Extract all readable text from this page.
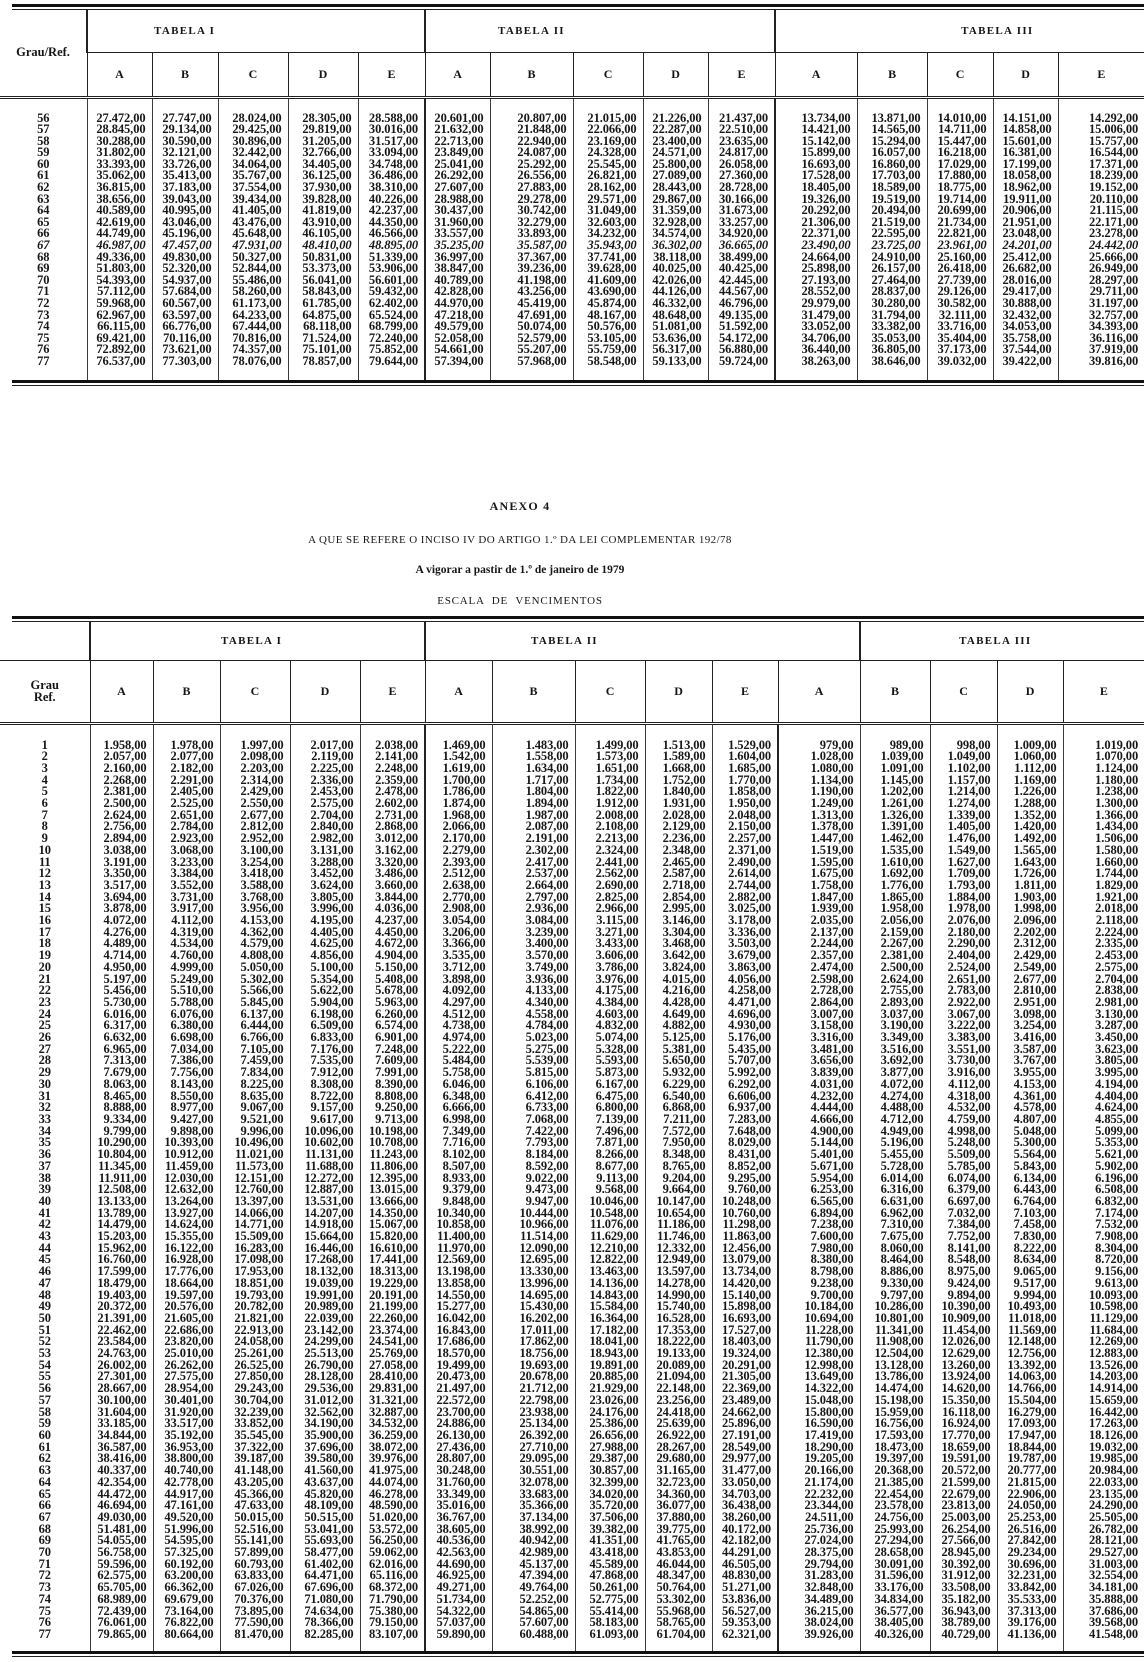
Grau/Ref.	TABELA I					TABELA II					TABELA III				
	A	B	C	D	E	A	B	C	D	E	A	B	C	D	E
56	27.472,00	27.747,00	28.024,00	28.305,00	28.588,00	20.601,00	20.807,00	21.015,00	21.226,00	21.437,00	13.734,00	13.871,00	14.010,00	14.151,00	14.292,00
57	28.845,00	29.134,00	29.425,00	29.819,00	30.016,00	21.632,00	21.848,00	22.066,00	22.287,00	22.510,00	14.421,00	14.565,00	14.711,00	14.858,00	15.006,00
58	30.288,00	30.590,00	30.896,00	31.205,00	31.517,00	22.713,00	22.940,00	23.169,00	23.400,00	23.635,00	15.142,00	15.294,00	15.447,00	15.601,00	15.757,00
59	31.802,00	32.121,00	32.442,00	32.766,00	33.094,00	23.849,00	24.087,00	24.328,00	24.571,00	24.817,00	15.899,00	16.057,00	16.218,00	16.381,00	16.544,00
60	33.393,00	33.726,00	34.064,00	34.405,00	34.748,00	25.041,00	25.292,00	25.545,00	25.800,00	26.058,00	16.693,00	16.860,00	17.029,00	17.199,00	17.371,00
61	35.062,00	35.413,00	35.767,00	36.125,00	36.486,00	26.292,00	26.556,00	26.821,00	27.089,00	27.360,00	17.528,00	17.703,00	17.880,00	18.058,00	18.239,00
62	36.815,00	37.183,00	37.554,00	37.930,00	38.310,00	27.607,00	27.883,00	28.162,00	28.443,00	28.728,00	18.405,00	18.589,00	18.775,00	18.962,00	19.152,00
63	38.656,00	39.043,00	39.434,00	39.828,00	40.226,00	28.988,00	29.278,00	29.571,00	29.867,00	30.166,00	19.326,00	19.519,00	19.714,00	19.911,00	20.110,00
64	40.589,00	40.995,00	41.405,00	41.819,00	42.237,00	30.437,00	30.742,00	31.049,00	31.359,00	31.673,00	20.292,00	20.494,00	20.699,00	20.906,00	21.115,00
65	42.619,00	43.046,00	43.476,00	43.910,00	44.350,00	31.960,00	32.279,00	32.603,00	32.928,00	33.257,00	21.306,00	21.519,00	21.734,00	21.951,00	22.171,00
66	44.749,00	45.196,00	45.648,00	46.105,00	46.566,00	33.557,00	33.893,00	34.232,00	34.574,00	34.920,00	22.371,00	22.595,00	22.821,00	23.048,00	23.278,00
67	46.987,00	47.457,00	47.931,00	48.410,00	48.895,00	35.235,00	35.587,00	35.943,00	36.302,00	36.665,00	23.490,00	23.725,00	23.961,00	24.201,00	24.442,00
68	49.336,00	49.830,00	50.327,00	50.831,00	51.339,00	36.997,00	37.367,00	37.741,00	38.118,00	38.499,00	24.664,00	24.910,00	25.160,00	25.412,00	25.666,00
69	51.803,00	52.320,00	52.844,00	53.373,00	53.906,00	38.847,00	39.236,00	39.628,00	40.025,00	40.425,00	25.898,00	26.157,00	26.418,00	26.682,00	26.949,00
70	54.393,00	54.937,00	55.486,00	56.041,00	56.601,00	40.789,00	41.198,00	41.609,00	42.026,00	42.445,00	27.193,00	27.464,00	27.739,00	28.016,00	28.297,00
71	57.112,00	57.684,00	58.260,00	58.843,00	59.432,00	42.828,00	43.256,00	43.690,00	44.126,00	44.567,00	28.552,00	28.837,00	29.126,00	29.417,00	29.711,00
72	59.968,00	60.567,00	61.173,00	61.785,00	62.402,00	44.970,00	45.419,00	45.874,00	46.332,00	46.796,00	29.979,00	30.280,00	30.582,00	30.888,00	31.197,00
73	62.967,00	63.597,00	64.233,00	64.875,00	65.524,00	47.218,00	47.691,00	48.167,00	48.648,00	49.135,00	31.479,00	31.794,00	32.111,00	32.432,00	32.757,00
74	66.115,00	66.776,00	67.444,00	68.118,00	68.799,00	49.579,00	50.074,00	50.576,00	51.081,00	51.592,00	33.052,00	33.382,00	33.716,00	34.053,00	34.393,00
75	69.421,00	70.116,00	70.816,00	71.524,00	72.240,00	52.058,00	52.579,00	53.105,00	53.636,00	54.172,00	34.706,00	35.053,00	35.404,00	35.758,00	36.116,00
76	72.892,00	73.621,00	74.357,00	75.101,00	75.852,00	54.661,00	55.207,00	55.759,00	56.317,00	56.880,00	36.440,00	36.805,00	37.173,00	37.544,00	37.919,00
77	76.537,00	77.303,00	78.076,00	78.857,00	79.644,00	57.394,00	57.968,00	58.548,00	59.133,00	59.724,00	38.263,00	38.646,00	39.032,00	39.422,00	39.816,00
ANEXO 4
A QUE SE REFERE O INCISO IV DO ARTIGO 1.º DA LEI COMPLEMENTAR 192/78
A vigorar a pastir de 1.º de janeiro de 1979
ESCALA DE VENCIMENTOS
	TABELA I					TABELA II						TABELA III			
Grau
Ref.	A	B	C	D	E	A	B	C	D	E	A	B	C	D	E
1	1.958,00	1.978,00	1.997,00	2.017,00	2.038,00	1.469,00	1.483,00	1.499,00	1.513,00	1.529,00	979,00	989,00	998,00	1.009,00	1.019,00
2	2.057,00	2.077,00	2.098,00	2.119,00	2.141,00	1.542,00	1.558,00	1.573,00	1.589,00	1.604,00	1.028,00	1.039,00	1.049,00	1.060,00	1.070,00
3	2.160,00	2.182,00	2.203,00	2.225,00	2.248,00	1.619,00	1.634,00	1.651,00	1.668,00	1.685,00	1.080,00	1.091,00	1.102,00	1.112,00	1.124,00
4	2.268,00	2.291,00	2.314,00	2.336,00	2.359,00	1.700,00	1.717,00	1.734,00	1.752,00	1.770,00	1.134,00	1.145,00	1.157,00	1.169,00	1.180,00
5	2.381,00	2.405,00	2.429,00	2.453,00	2.478,00	1.786,00	1.804,00	1.822,00	1.840,00	1.858,00	1.190,00	1.202,00	1.214,00	1.226,00	1.238,00
6	2.500,00	2.525,00	2.550,00	2.575,00	2.602,00	1.874,00	1.894,00	1.912,00	1.931,00	1.950,00	1.249,00	1.261,00	1.274,00	1.288,00	1.300,00
7	2.624,00	2.651,00	2.677,00	2.704,00	2.731,00	1.968,00	1.987,00	2.008,00	2.028,00	2.048,00	1.313,00	1.326,00	1.339,00	1.352,00	1.366,00
8	2.756,00	2.784,00	2.812,00	2.840,00	2.868,00	2.066,00	2.087,00	2.108,00	2.129,00	2.150,00	1.378,00	1.391,00	1.405,00	1.420,00	1.434,00
9	2.894,00	2.923,00	2.952,00	2.982,00	3.012,00	2.170,00	2.191,00	2.213,00	2.236,00	2.257,00	1.447,00	1.462,00	1.476,00	1.492,00	1.506,00
10	3.038,00	3.068,00	3.100,00	3.131,00	3.162,00	2.279,00	2.302,00	2.324,00	2.348,00	2.371,00	1.519,00	1.535,00	1.549,00	1.565,00	1.580,00
11	3.191,00	3.233,00	3.254,00	3.288,00	3.320,00	2.393,00	2.417,00	2.441,00	2.465,00	2.490,00	1.595,00	1.610,00	1.627,00	1.643,00	1.660,00
12	3.350,00	3.384,00	3.418,00	3.452,00	3.486,00	2.512,00	2.537,00	2.562,00	2.587,00	2.614,00	1.675,00	1.692,00	1.709,00	1.726,00	1.744,00
13	3.517,00	3.552,00	3.588,00	3.624,00	3.660,00	2.638,00	2.664,00	2.690,00	2.718,00	2.744,00	1.758,00	1.776,00	1.793,00	1.811,00	1.829,00
14	3.694,00	3.731,00	3.768,00	3.805,00	3.844,00	2.770,00	2.797,00	2.825,00	2.854,00	2.882,00	1.847,00	1.865,00	1.884,00	1.903,00	1.921,00
15	3.878,00	3.917,00	3.956,00	3.996,00	4.036,00	2.908,00	2.936,00	2.966,00	2.995,00	3.025,00	1.939,00	1.958,00	1.978,00	1.998,00	2.018,00
16	4.072,00	4.112,00	4.153,00	4.195,00	4.237,00	3.054,00	3.084,00	3.115,00	3.146,00	3.178,00	2.035,00	2.056,00	2.076,00	2.096,00	2.118,00
17	4.276,00	4.319,00	4.362,00	4.405,00	4.450,00	3.206,00	3.239,00	3.271,00	3.304,00	3.336,00	2.137,00	2.159,00	2.180,00	2.202,00	2.224,00
18	4.489,00	4.534,00	4.579,00	4.625,00	4.672,00	3.366,00	3.400,00	3.433,00	3.468,00	3.503,00	2.244,00	2.267,00	2.290,00	2.312,00	2.335,00
19	4.714,00	4.760,00	4.808,00	4.856,00	4.904,00	3.535,00	3.570,00	3.606,00	3.642,00	3.679,00	2.357,00	2.381,00	2.404,00	2.429,00	2.453,00
20	4.950,00	4.999,00	5.050,00	5.100,00	5.150,00	3.712,00	3.749,00	3.786,00	3.824,00	3.863,00	2.474,00	2.500,00	2.524,00	2.549,00	2.575,00
21	5.197,00	5.249,00	5.302,00	5.354,00	5.408,00	3.898,00	3.936,00	3.976,00	4.015,00	4.056,00	2.598,00	2.624,00	2.651,00	2.677,00	2.704,00
22	5.456,00	5.510,00	5.566,00	5.622,00	5.678,00	4.092,00	4.133,00	4.175,00	4.216,00	4.258,00	2.728,00	2.755,00	2.783,00	2.810,00	2.838,00
23	5.730,00	5.788,00	5.845,00	5.904,00	5.963,00	4.297,00	4.340,00	4.384,00	4.428,00	4.471,00	2.864,00	2.893,00	2.922,00	2.951,00	2.981,00
24	6.016,00	6.076,00	6.137,00	6.198,00	6.260,00	4.512,00	4.558,00	4.603,00	4.649,00	4.696,00	3.007,00	3.037,00	3.067,00	3.098,00	3.130,00
25	6.317,00	6.380,00	6.444,00	6.509,00	6.574,00	4.738,00	4.784,00	4.832,00	4.882,00	4.930,00	3.158,00	3.190,00	3.222,00	3.254,00	3.287,00
26	6.632,00	6.698,00	6.766,00	6.833,00	6.901,00	4.974,00	5.023,00	5.074,00	5.125,00	5.176,00	3.316,00	3.349,00	3.383,00	3.416,00	3.450,00
27	6.965,00	7.034,00	7.105,00	7.176,00	7.248,00	5.222,00	5.275,00	5.328,00	5.381,00	5.435,00	3.481,00	3.516,00	3.551,00	3.587,00	3.623,00
28	7.313,00	7.386,00	7.459,00	7.535,00	7.609,00	5.484,00	5.539,00	5.593,00	5.650,00	5.707,00	3.656,00	3.692,00	3.730,00	3.767,00	3.805,00
29	7.679,00	7.756,00	7.834,00	7.912,00	7.991,00	5.758,00	5.815,00	5.873,00	5.932,00	5.992,00	3.839,00	3.877,00	3.916,00	3.955,00	3.995,00
30	8.063,00	8.143,00	8.225,00	8.308,00	8.390,00	6.046,00	6.106,00	6.167,00	6.229,00	6.292,00	4.031,00	4.072,00	4.112,00	4.153,00	4.194,00
31	8.465,00	8.550,00	8.635,00	8.722,00	8.808,00	6.348,00	6.412,00	6.475,00	6.540,00	6.606,00	4.232,00	4.274,00	4.318,00	4.361,00	4.404,00
32	8.888,00	8.977,00	9.067,00	9.157,00	9.250,00	6.666,00	6.733,00	6.800,00	6.868,00	6.937,00	4.444,00	4.488,00	4.532,00	4.578,00	4.624,00
33	9.334,00	9.427,00	9.521,00	9.617,00	9.713,00	6.998,00	7.068,00	7.139,00	7.211,00	7.283,00	4.666,00	4.712,00	4.759,00	4.807,00	4.855,00
34	9.799,00	9.898,00	9.996,00	10.096,00	10.198,00	7.349,00	7.422,00	7.496,00	7.572,00	7.648,00	4.900,00	4.949,00	4.998,00	5.048,00	5.099,00
35	10.290,00	10.393,00	10.496,00	10.602,00	10.708,00	7.716,00	7.793,00	7.871,00	7.950,00	8.029,00	5.144,00	5.196,00	5.248,00	5.300,00	5.353,00
36	10.804,00	10.912,00	11.021,00	11.131,00	11.243,00	8.102,00	8.184,00	8.266,00	8.348,00	8.431,00	5.401,00	5.455,00	5.509,00	5.564,00	5.621,00
37	11.345,00	11.459,00	11.573,00	11.688,00	11.806,00	8.507,00	8.592,00	8.677,00	8.765,00	8.852,00	5.671,00	5.728,00	5.785,00	5.843,00	5.902,00
38	11.911,00	12.030,00	12.151,00	12.272,00	12.395,00	8.933,00	9.022,00	9.113,00	9.204,00	9.295,00	5.954,00	6.014,00	6.074,00	6.134,00	6.196,00
39	12.508,00	12.632,00	12.760,00	12.887,00	13.015,00	9.379,00	9.473,00	9.568,00	9.664,00	9.760,00	6.253,00	6.316,00	6.379,00	6.443,00	6.508,00
40	13.133,00	13.264,00	13.397,00	13.531,00	13.666,00	9.848,00	9.947,00	10.046,00	10.147,00	10.248,00	6.565,00	6.631,00	6.697,00	6.764,00	6.832,00
41	13.789,00	13.927,00	14.066,00	14.207,00	14.350,00	10.340,00	10.444,00	10.548,00	10.654,00	10.760,00	6.894,00	6.962,00	7.032,00	7.103,00	7.174,00
42	14.479,00	14.624,00	14.771,00	14.918,00	15.067,00	10.858,00	10.966,00	11.076,00	11.186,00	11.298,00	7.238,00	7.310,00	7.384,00	7.458,00	7.532,00
43	15.203,00	15.355,00	15.509,00	15.664,00	15.820,00	11.400,00	11.514,00	11.629,00	11.746,00	11.863,00	7.600,00	7.675,00	7.752,00	7.830,00	7.908,00
44	15.962,00	16.122,00	16.283,00	16.446,00	16.610,00	11.970,00	12.090,00	12.210,00	12.332,00	12.456,00	7.980,00	8.060,00	8.141,00	8.222,00	8.304,00
45	16.760,00	16.928,00	17.098,00	17.268,00	17.441,00	12.569,00	12.695,00	12.822,00	12.949,00	13.079,00	8.380,00	8.464,00	8.548,00	8.634,00	8.720,00
46	17.599,00	17.776,00	17.953,00	18.132,00	18.313,00	13.198,00	13.330,00	13.463,00	13.597,00	13.734,00	8.798,00	8.886,00	8.975,00	9.065,00	9.156,00
47	18.479,00	18.664,00	18.851,00	19.039,00	19.229,00	13.858,00	13.996,00	14.136,00	14.278,00	14.420,00	9.238,00	9.330,00	9.424,00	9.517,00	9.613,00
48	19.403,00	19.597,00	19.793,00	19.991,00	20.191,00	14.550,00	14.695,00	14.843,00	14.990,00	15.140,00	9.700,00	9.797,00	9.894,00	9.994,00	10.093,00
49	20.372,00	20.576,00	20.782,00	20.989,00	21.199,00	15.277,00	15.430,00	15.584,00	15.740,00	15.898,00	10.184,00	10.286,00	10.390,00	10.493,00	10.598,00
50	21.391,00	21.605,00	21.821,00	22.039,00	22.260,00	16.042,00	16.202,00	16.364,00	16.528,00	16.693,00	10.694,00	10.801,00	10.909,00	11.018,00	11.129,00
51	22.462,00	22.686,00	22.913,00	23.142,00	23.374,00	16.843,00	17.011,00	17.182,00	17.353,00	17.527,00	11.228,00	11.341,00	11.454,00	11.569,00	11.684,00
52	23.584,00	23.820,00	24.058,00	24.299,00	24.541,00	17.686,00	17.862,00	18.041,00	18.222,00	18.403,00	11.790,00	11.908,00	12.026,00	12.148,00	12.269,00
53	24.763,00	25.010,00	25.261,00	25.513,00	25.769,00	18.570,00	18.756,00	18.943,00	19.133,00	19.324,00	12.380,00	12.504,00	12.629,00	12.756,00	12.883,00
54	26.002,00	26.262,00	26.525,00	26.790,00	27.058,00	19.499,00	19.693,00	19.891,00	20.089,00	20.291,00	12.998,00	13.128,00	13.260,00	13.392,00	13.526,00
55	27.301,00	27.575,00	27.850,00	28.128,00	28.410,00	20.473,00	20.678,00	20.885,00	21.094,00	21.305,00	13.649,00	13.786,00	13.924,00	14.063,00	14.203,00
56	28.667,00	28.954,00	29.243,00	29.536,00	29.831,00	21.497,00	21.712,00	21.929,00	22.148,00	22.369,00	14.322,00	14.474,00	14.620,00	14.766,00	14.914,00
57	30.100,00	30.401,00	30.704,00	31.012,00	31.321,00	22.572,00	22.798,00	23.026,00	23.256,00	23.489,00	15.048,00	15.198,00	15.350,00	15.504,00	15.659,00
58	31.604,00	31.920,00	32.239,00	32.562,00	32.887,00	23.700,00	23.938,00	24.176,00	24.418,00	24.662,00	15.800,00	15.959,00	16.118,00	16.279,00	16.442,00
59	33.185,00	33.517,00	33.852,00	34.190,00	34.532,00	24.886,00	25.134,00	25.386,00	25.639,00	25.896,00	16.590,00	16.756,00	16.924,00	17.093,00	17.263,00
60	34.844,00	35.192,00	35.545,00	35.900,00	36.259,00	26.130,00	26.392,00	26.656,00	26.922,00	27.191,00	17.419,00	17.593,00	17.770,00	17.947,00	18.126,00
61	36.587,00	36.953,00	37.322,00	37.696,00	38.072,00	27.436,00	27.710,00	27.988,00	28.267,00	28.549,00	18.290,00	18.473,00	18.659,00	18.844,00	19.032,00
62	38.416,00	38.800,00	39.187,00	39.580,00	39.976,00	28.807,00	29.095,00	29.387,00	29.680,00	29.977,00	19.205,00	19.397,00	19.591,00	19.787,00	19.985,00
63	40.337,00	40.740,00	41.148,00	41.560,00	41.975,00	30.248,00	30.551,00	30.857,00	31.165,00	31.477,00	20.166,00	20.368,00	20.572,00	20.777,00	20.984,00
64	42.354,00	42.778,00	43.205,00	43.637,00	44.074,00	31.760,00	32.078,00	32.399,00	32.723,00	33.050,00	21.174,00	21.385,00	21.599,00	21.815,00	22.033,00
65	44.472,00	44.917,00	45.366,00	45.820,00	46.278,00	33.349,00	33.683,00	34.020,00	34.360,00	34.703,00	22.232,00	22.454,00	22.679,00	22.906,00	23.135,00
66	46.694,00	47.161,00	47.633,00	48.109,00	48.590,00	35.016,00	35.366,00	35.720,00	36.077,00	36.438,00	23.344,00	23.578,00	23.813,00	24.050,00	24.290,00
67	49.030,00	49.520,00	50.015,00	50.515,00	51.020,00	36.767,00	37.134,00	37.506,00	37.880,00	38.260,00	24.511,00	24.756,00	25.003,00	25.253,00	25.505,00
68	51.481,00	51.996,00	52.516,00	53.041,00	53.572,00	38.605,00	38.992,00	39.382,00	39.775,00	40.172,00	25.736,00	25.993,00	26.254,00	26.516,00	26.782,00
69	54.055,00	54.595,00	55.141,00	55.693,00	56.250,00	40.536,00	40.942,00	41.351,00	41.765,00	42.182,00	27.024,00	27.294,00	27.566,00	27.842,00	28.121,00
70	56.758,00	57.325,00	57.899,00	58.477,00	59.062,00	42.563,00	42.989,00	43.418,00	43.853,00	44.291,00	28.375,00	28.658,00	28.945,00	29.234,00	29.527,00
71	59.596,00	60.192,00	60.793,00	61.402,00	62.016,00	44.690,00	45.137,00	45.589,00	46.044,00	46.505,00	29.794,00	30.091,00	30.392,00	30.696,00	31.003,00
72	62.575,00	63.200,00	63.833,00	64.471,00	65.116,00	46.925,00	47.394,00	47.868,00	48.347,00	48.830,00	31.283,00	31.596,00	31.912,00	32.231,00	32.554,00
73	65.705,00	66.362,00	67.026,00	67.696,00	68.372,00	49.271,00	49.764,00	50.261,00	50.764,00	51.271,00	32.848,00	33.176,00	33.508,00	33.842,00	34.181,00
74	68.989,00	69.679,00	70.376,00	71.080,00	71.790,00	51.734,00	52.252,00	52.775,00	53.302,00	53.836,00	34.489,00	34.834,00	35.182,00	35.533,00	35.888,00
75	72.439,00	73.164,00	73.895,00	74.634,00	75.380,00	54.322,00	54.865,00	55.414,00	55.968,00	56.527,00	36.215,00	36.577,00	36.943,00	37.313,00	37.686,00
76	76.061,00	76.822,00	77.590,00	78.366,00	79.150,00	57.037,00	57.607,00	58.183,00	58.765,00	59.353,00	38.024,00	38.405,00	38.789,00	39.176,00	39.568,00
77	79.865,00	80.664,00	81.470,00	82.285,00	83.107,00	59.890,00	60.488,00	61.093,00	61.704,00	62.321,00	39.926,00	40.326,00	40.729,00	41.136,00	41.548,00
